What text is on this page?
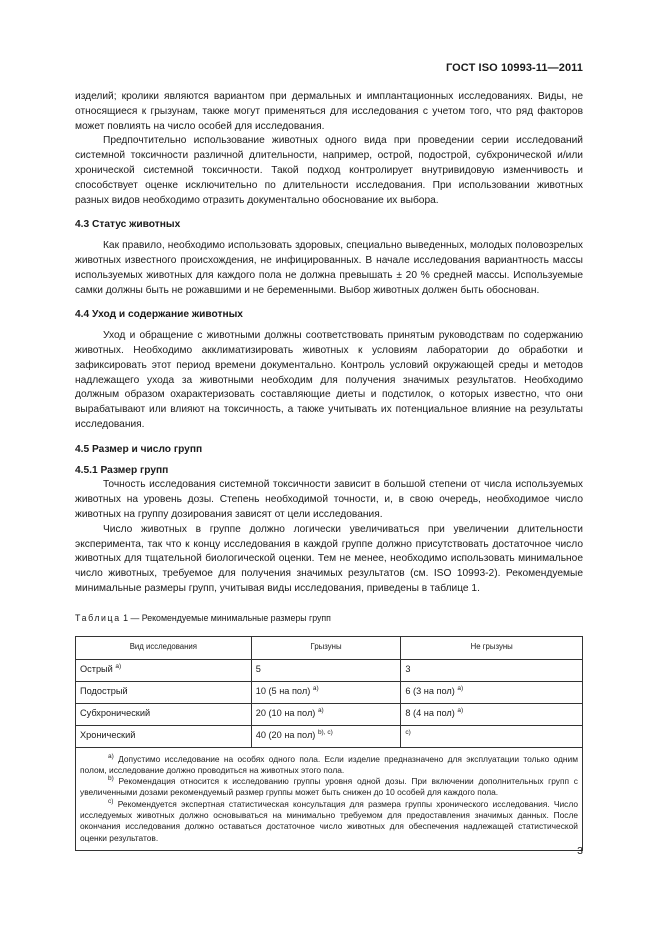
ГОСТ ISO 10993-11—2011

изделий; кролики являются вариантом при дермальных и имплантационных исследованиях. Виды, не относящиеся к грызунам, также могут применяться для исследования с учетом того, что ряд факторов может повлиять на число особей для исследования.

Предпочтительно использование животных одного вида при проведении серии исследований системной токсичности различной длительности, например, острой, подострой, субхронической и/или хронической системной токсичности. Такой подход контролирует внутривидовую изменчивость и способствует оценке исключительно по длительности исследования. При использовании животных разных видов необходимо отразить документально обоснование их выбора.

4.3 Статус животных

Как правило, необходимо использовать здоровых, специально выведенных, молодых половозрелых животных известного происхождения, не инфицированных. В начале исследования вариантность массы используемых животных для каждого пола не должна превышать ± 20 % средней массы. Используемые самки должны быть не рожавшими и не беременными. Выбор животных должен быть обоснован.

4.4 Уход и содержание животных

Уход и обращение с животными должны соответствовать принятым руководствам по содержанию животных. Необходимо акклиматизировать животных к условиям лаборатории до обработки и зафиксировать этот период времени документально. Контроль условий окружающей среды и методов надлежащего ухода за животными необходим для получения значимых результатов. Необходимо должным образом охарактеризовать составляющие диеты и подстилок, о которых известно, что они вырабатывают или влияют на токсичность, а также учитывать их потенциальное влияние на результаты исследования.

4.5 Размер и число групп
4.5.1 Размер групп

Точность исследования системной токсичности зависит в большой степени от числа используемых животных на уровень дозы. Степень необходимой точности, и, в свою очередь, необходимое число животных на группу дозирования зависят от цели исследования.

Число животных в группе должно логически увеличиваться при увеличении длительности эксперимента, так что к концу исследования в каждой группе должно присутствовать достаточное число животных для тщательной биологической оценки. Тем не менее, необходимо использовать минимальное число животных, требуемое для получения значимых результатов (см. ISO 10993-2). Рекомендуемые минимальные размеры групп, учитывая виды исследования, приведены в таблице 1.

Таблица 1 — Рекомендуемые минимальные размеры групп
Вид исследования	Грызуны	Не грызуны
Острый $^{a)}$	5	3
Подострый	10 (5 на пол) $^{a)}$	6 (3 на пол) $^{a)}$
Субхронический	20 (10 на пол) $^{a)}$	8 (4 на пол) $^{a)}$
Хронический	40 (20 на пол) $^{b), c)}$	$^{c)}$

$^{a)}$ Допустимо исследование на особях одного пола. Если изделие предназначено для эксплуатации только одним полом, исследование должно проводиться на животных этого пола.

$^{b)}$ Рекомендация относится к исследованию группы уровня одной дозы. При включении дополнительных групп с увеличенными дозами рекомендуемый размер группы может быть снижен до 10 особей для каждого пола.

$^{c)}$ Рекомендуется экспертная статистическая консультация для размера группы хронического исследования. Число исследуемых животных должно основываться на минимально требуемом для предоставления значимых данных. После окончания исследования должно оставаться достаточное число животных для обеспечения надлежащей статистической оценки результатов.		

3
